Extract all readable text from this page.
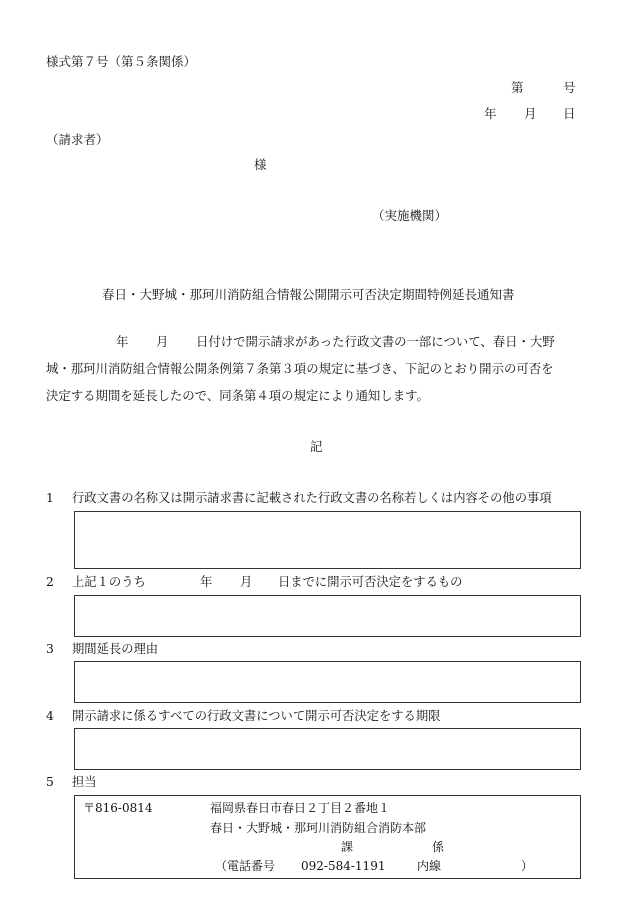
様式第７号（第５条関係）
第	号
年 月 日
（請求者）
様
（実施機関）
春日・大野城・那珂川消防組合情報公開開示可否決定期間特例延長通知書
年 月 日付けで開示請求があった行政文書の一部について、春日・大野
城・那珂川消防組合情報公開条例第７条第３項の規定に基づき、下記のとおり開示の可否を
決定する期間を延長したので、同条第４項の規定により通知します。
記
1 行政文書の名称又は開示請求書に記載された行政文書の名称若しくは内容その他の事項
2 上記１のうち	年 月 日までに開示可否決定をするもの
3 期間延長の理由
4 開示請求に係るすべての行政文書について開示可否決定をする期限
5 担当
〒816-0814	福岡県春日市春日２丁目２番地１
春日・大野城・那珂川消防組合消防本部
課	係
（電話番号 092-584-1191	内線	）
